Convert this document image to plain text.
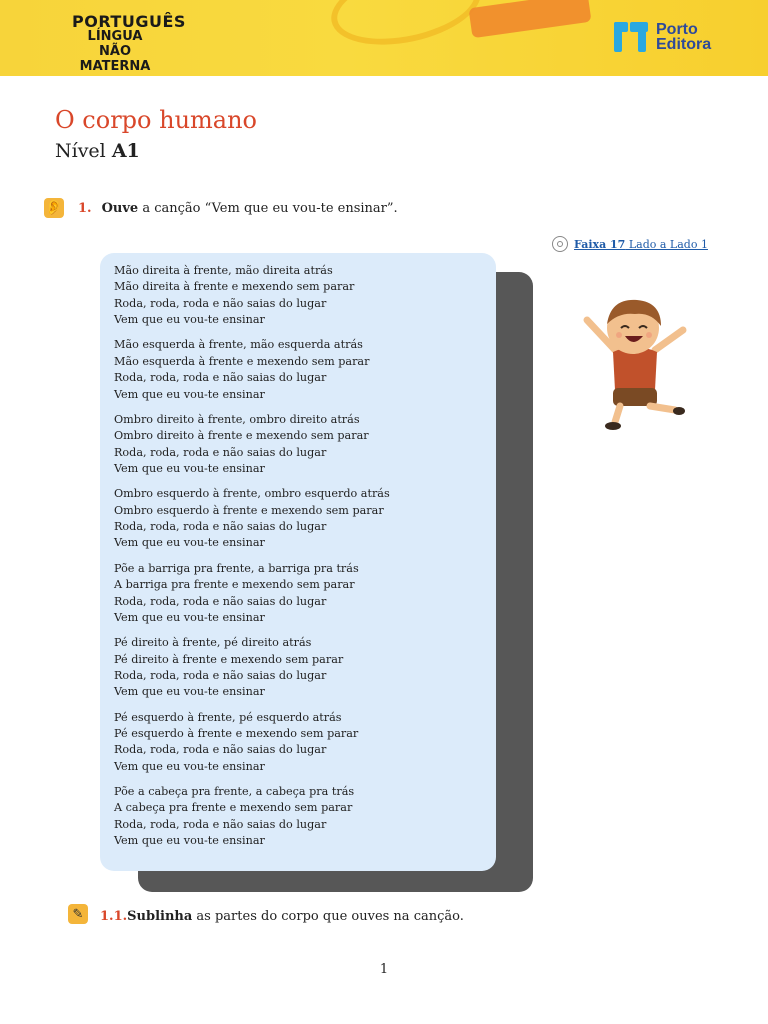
PORTUGUÊS
LÍNGUA NÃO
MATERNA
Porto
Editora
O corpo humano
Nível A1
👂 1. Ouve a canção “Vem que eu vou-te ensinar”.
Faixa 17 Lado a Lado 1
Mão direita à frente, mão direita atrás
Mão direita à frente e mexendo sem parar
Roda, roda, roda e não saias do lugar
Vem que eu vou-te ensinar
Mão esquerda à frente, mão esquerda atrás
Mão esquerda à frente e mexendo sem parar
Roda, roda, roda e não saias do lugar
Vem que eu vou-te ensinar
Ombro direito à frente, ombro direito atrás
Ombro direito à frente e mexendo sem parar
Roda, roda, roda e não saias do lugar
Vem que eu vou-te ensinar
Ombro esquerdo à frente, ombro esquerdo atrás
Ombro esquerdo à frente e mexendo sem parar
Roda, roda, roda e não saias do lugar
Vem que eu vou-te ensinar
Põe a barriga pra frente, a barriga pra trás
A barriga pra frente e mexendo sem parar
Roda, roda, roda e não saias do lugar
Vem que eu vou-te ensinar
Pé direito à frente, pé direito atrás
Pé direito à frente e mexendo sem parar
Roda, roda, roda e não saias do lugar
Vem que eu vou-te ensinar
Pé esquerdo à frente, pé esquerdo atrás
Pé esquerdo à frente e mexendo sem parar
Roda, roda, roda e não saias do lugar
Vem que eu vou-te ensinar
Põe a cabeça pra frente, a cabeça pra trás
A cabeça pra frente e mexendo sem parar
Roda, roda, roda e não saias do lugar
Vem que eu vou-te ensinar
✎	1.1.Sublinha as partes do corpo que ouves na canção.
1
